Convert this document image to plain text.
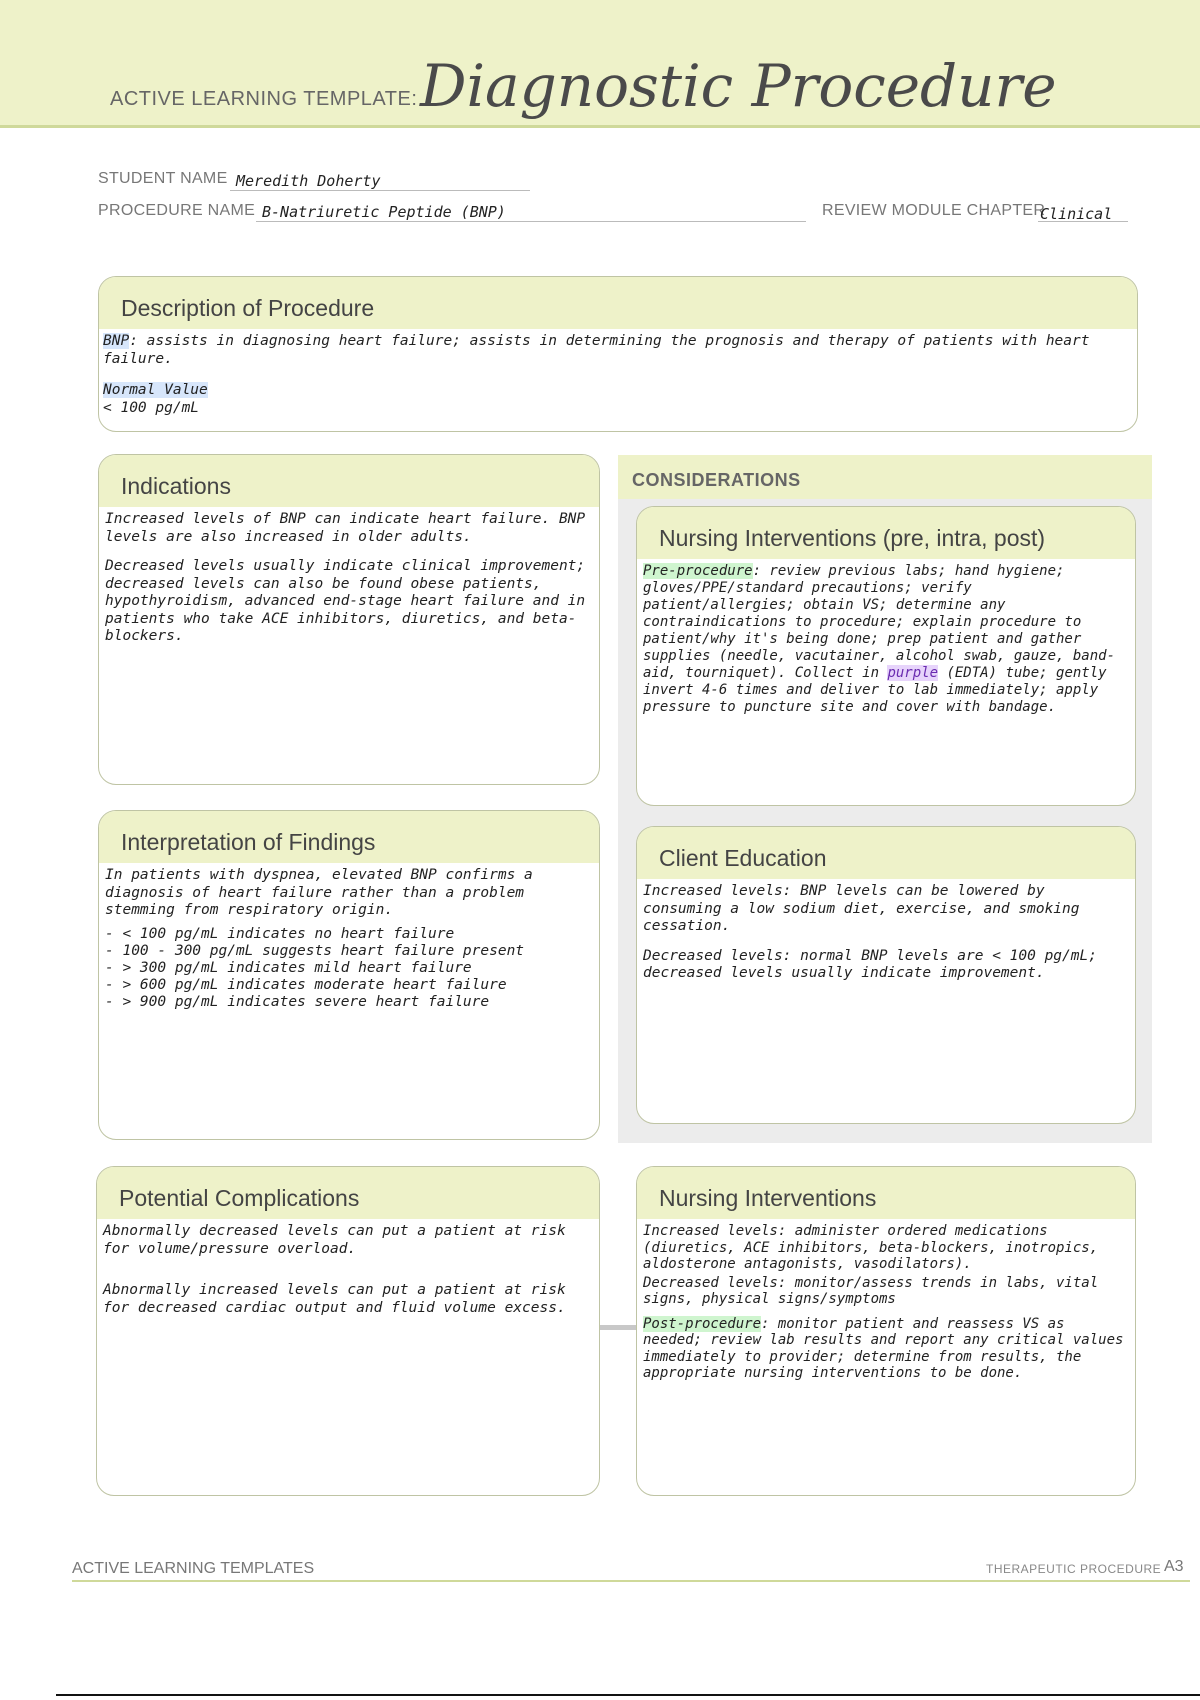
ACTIVE LEARNING TEMPLATE: Diagnostic Procedure
STUDENT NAME Meredith Doherty
PROCEDURE NAME B-Natriuretic Peptide (BNP)	REVIEW MODULE CHAPTER
Clinical
Description of Procedure

BNP: assists in diagnosing heart failure; assists in determining the prognosis and therapy of patients with heart failure.

Normal Value
< 100 pg/mL
CONSIDERATIONS
Indications

Increased levels of BNP can indicate heart failure. BNP levels are also increased in older adults.

Decreased levels usually indicate clinical improvement; decreased levels can also be found obese patients, hypothyroidism, advanced end-stage heart failure and in patients who take ACE inhibitors, diuretics, and beta-blockers.

Interpretation of Findings

In patients with dyspnea, elevated BNP confirms a diagnosis of heart failure rather than a problem stemming from respiratory origin.

- < 100 pg/mL indicates no heart failure
- 100 - 300 pg/mL suggests heart failure present
- > 300 pg/mL indicates mild heart failure
- > 600 pg/mL indicates moderate heart failure
- > 900 pg/mL indicates severe heart failure
Nursing Interventions (pre, intra, post)

Pre-procedure: review previous labs; hand hygiene; gloves/PPE/standard precautions; verify patient/allergies; obtain VS; determine any contraindications to procedure; explain procedure to patient/why it's being done; prep patient and gather supplies (needle, vacutainer, alcohol swab, gauze, band-aid, tourniquet). Collect in purple (EDTA) tube; gently invert 4-6 times and deliver to lab immediately; apply pressure to puncture site and cover with bandage.

Client Education

Increased levels: BNP levels can be lowered by consuming a low sodium diet, exercise, and smoking cessation.

Decreased levels: normal BNP levels are < 100 pg/mL; decreased levels usually indicate improvement.

Potential Complications

Abnormally decreased levels can put a patient at risk for volume/pressure overload.

Abnormally increased levels can put a patient at risk for decreased cardiac output and fluid volume excess.

Nursing Interventions

Increased levels: administer ordered medications (diuretics, ACE inhibitors, beta-blockers, inotropics, aldosterone antagonists, vasodilators).

Decreased levels: monitor/assess trends in labs, vital signs, physical signs/symptoms

Post-procedure: monitor patient and reassess VS as needed; review lab results and report any critical values immediately to provider; determine from results, the appropriate nursing interventions to be done.

ACTIVE LEARNING TEMPLATES	THERAPEUTIC PROCEDURE A3
